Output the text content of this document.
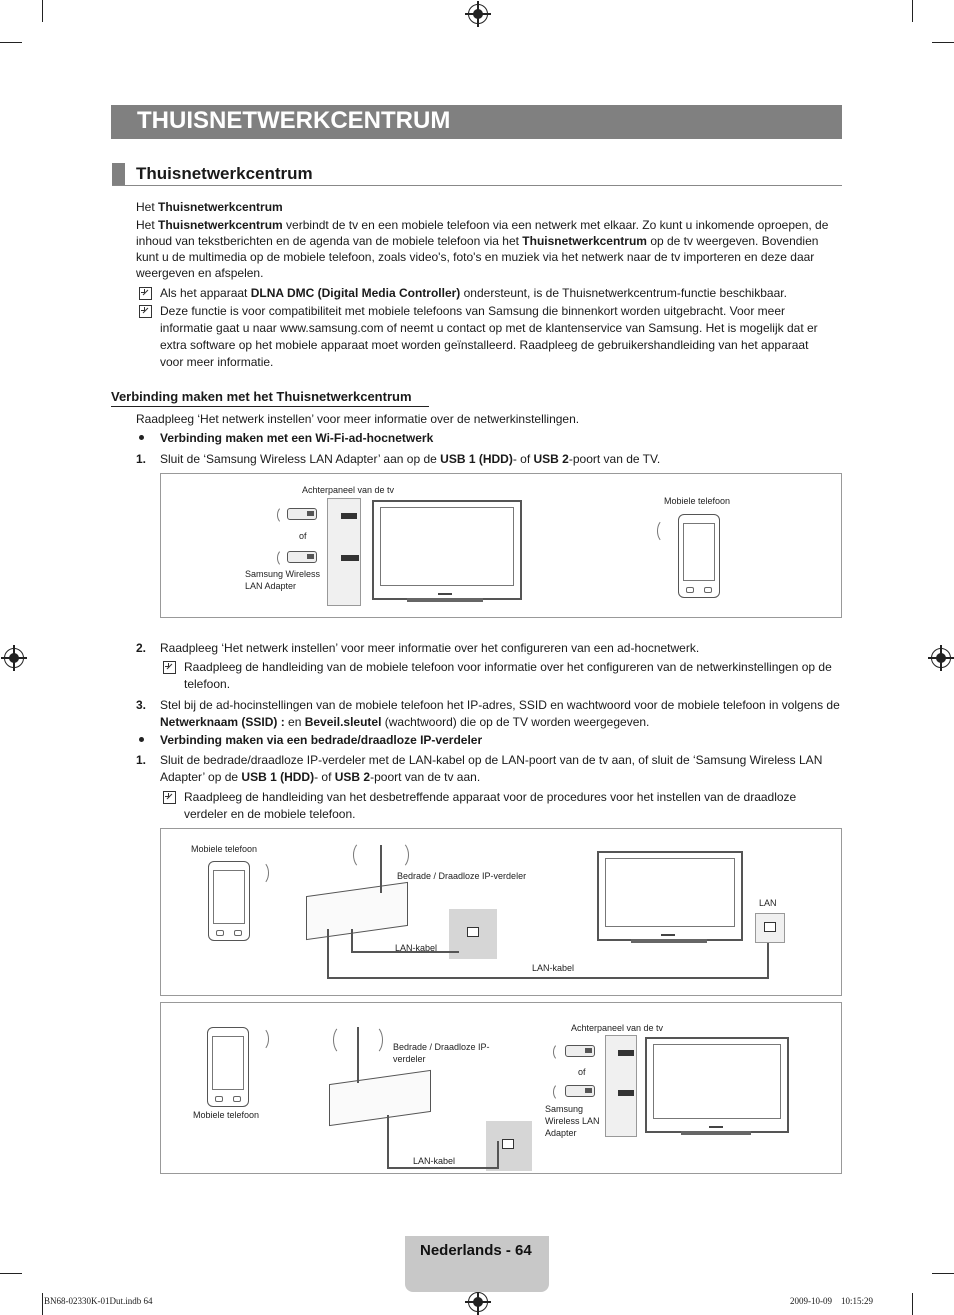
THUISNETWERKCENTRUM
Thuisnetwerkcentrum
Het Thuisnetwerkcentrum
Het Thuisnetwerkcentrum verbindt de tv en een mobiele telefoon via een netwerk met elkaar. Zo kunt u inkomende oproepen, de inhoud van tekstberichten en de agenda van de mobiele telefoon via het Thuisnetwerkcentrum op de tv weergeven. Bovendien kunt u de multimedia op de mobiele telefoon, zoals video's, foto's en muziek via het netwerk naar de tv importeren en deze daar weergeven en afspelen.
Als het apparaat DLNA DMC (Digital Media Controller) ondersteunt, is de Thuisnetwerkcentrum-functie beschikbaar.
Deze functie is voor compatibiliteit met mobiele telefoons van Samsung die binnenkort worden uitgebracht. Voor meer informatie gaat u naar www.samsung.com of neemt u contact op met de klantenservice van Samsung. Het is mogelijk dat er extra software op het mobiele apparaat moet worden geïnstalleerd. Raadpleeg de gebruikershandleiding van het apparaat voor meer informatie.
Verbinding maken met het Thuisnetwerkcentrum
Raadpleeg ‘Het netwerk instellen’ voor meer informatie over de netwerkinstellingen.
Verbinding maken met een Wi-Fi-ad-hocnetwerk
1. Sluit de ‘Samsung Wireless LAN Adapter’ aan op de USB 1 (HDD)- of USB 2-poort van de TV.
Achterpaneel van de tv
of
Samsung Wireless LAN Adapter
Mobiele telefoon
2. Raadpleeg ‘Het netwerk instellen’ voor meer informatie over het configureren van een ad-hocnetwerk.
Raadpleeg de handleiding van de mobiele telefoon voor informatie over het configureren van de netwerkinstellingen op de telefoon.
3. Stel bij de ad-hocinstellingen van de mobiele telefoon het IP-adres, SSID en wachtwoord voor de mobiele telefoon in volgens de Netwerknaam (SSID) : en Beveil.sleutel (wachtwoord) die op de TV worden weergegeven.
Verbinding maken via een bedrade/draadloze IP-verdeler
1. Sluit de bedrade/draadloze IP-verdeler met de LAN-kabel op de LAN-poort van de tv aan, of sluit de ‘Samsung Wireless LAN Adapter’ op de USB 1 (HDD)- of USB 2-poort van de tv aan.
Raadpleeg de handleiding van het desbetreffende apparaat voor de procedures voor het instellen van de draadloze verdeler en de mobiele telefoon.
Mobiele telefoon
Bedrade / Draadloze IP-verdeler
LAN-kabel
LAN-kabel
LAN
Mobiele telefoon
Bedrade / Draadloze IP-verdeler
LAN-kabel
Achterpaneel van de tv
of
Samsung Wireless LAN Adapter
Nederlands - 64
BN68-02330K-01Dut.indb 64	2009-10-09    10:15:29
